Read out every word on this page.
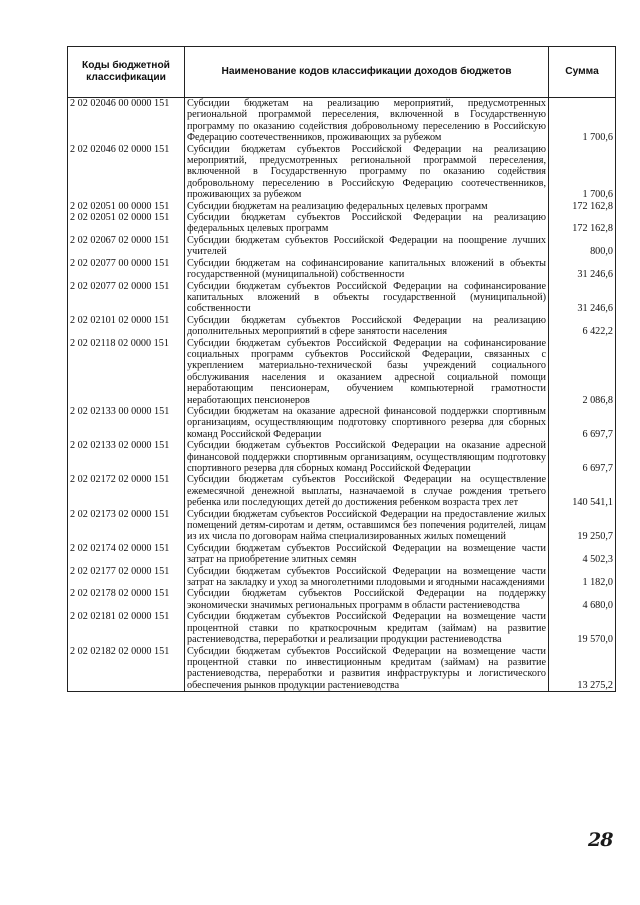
Коды бюджетной классификации	Наименование кодов классификации доходов бюджетов	Сумма
2 02 02046 00 0000 151	Субсидии бюджетам на реализацию мероприятий, предусмотренных региональной программой переселения, включенной в Государственную программу по оказанию содействия добровольному переселению в Российскую Федерацию соотечественников, проживающих за рубежом	1 700,6
2 02 02046 02 0000 151	Субсидии бюджетам субъектов Российской Федерации на реализацию мероприятий, предусмотренных региональной программой переселения, включенной в Государственную программу по оказанию содействия добровольному переселению в Российскую Федерацию соотечественников, проживающих за рубежом	1 700,6
2 02 02051 00 0000 151	Субсидии бюджетам на реализацию федеральных целевых программ	172 162,8
2 02 02051 02 0000 151	Субсидии бюджетам субъектов Российской Федерации на реализацию федеральных целевых программ	172 162,8
2 02 02067 02 0000 151	Субсидии бюджетам субъектов Российской Федерации на поощрение лучших учителей	800,0
2 02 02077 00 0000 151	Субсидии бюджетам на софинансирование капитальных вложений в объекты государственной (муниципальной) собственности	31 246,6
2 02 02077 02 0000 151	Субсидии бюджетам субъектов Российской Федерации на софинансирование капитальных вложений в объекты государственной (муниципальной) собственности	31 246,6
2 02 02101 02 0000 151	Субсидии бюджетам субъектов Российской Федерации на реализацию дополнительных мероприятий в сфере занятости населения	6 422,2
2 02 02118 02 0000 151	Субсидии бюджетам субъектов Российской Федерации на софинансирование социальных программ субъектов Российской Федерации, связанных с укреплением материально-технической базы учреждений социального обслуживания населения и оказанием адресной социальной помощи неработающим пенсионерам, обучением компьютерной грамотности неработающих пенсионеров	2 086,8
2 02 02133 00 0000 151	Субсидии бюджетам на оказание адресной финансовой поддержки спортивным организациям, осуществляющим подготовку спортивного резерва для сборных команд Российской Федерации	6 697,7
2 02 02133 02 0000 151	Субсидии бюджетам субъектов Российской Федерации на оказание адресной финансовой поддержки спортивным организациям, осуществляющим подготовку спортивного резерва для сборных команд Российской Федерации	6 697,7
2 02 02172 02 0000 151	Субсидии бюджетам субъектов Российской Федерации на осуществление ежемесячной денежной выплаты, назначаемой в случае рождения третьего ребенка или последующих детей до достижения ребенком возраста трех лет	140 541,1
2 02 02173 02 0000 151	Субсидии бюджетам субъектов Российской Федерации на предоставление жилых помещений детям-сиротам и детям, оставшимся без попечения родителей, лицам из их числа по договорам найма специализированных жилых помещений	19 250,7
2 02 02174 02 0000 151	Субсидии бюджетам субъектов Российской Федерации на возмещение части затрат на приобретение элитных семян	4 502,3
2 02 02177 02 0000 151	Субсидии бюджетам субъектов Российской Федерации на возмещение части затрат на закладку и уход за многолетними плодовыми и ягодными насаждениями	1 182,0
2 02 02178 02 0000 151	Субсидии бюджетам субъектов Российской Федерации на поддержку экономически значимых региональных программ в области растениеводства	4 680,0
2 02 02181 02 0000 151	Субсидии бюджетам субъектов Российской Федерации на возмещение части процентной ставки по краткосрочным кредитам (займам) на развитие растениеводства, переработки и реализации продукции растениеводства	19 570,0
2 02 02182 02 0000 151	Субсидии бюджетам субъектов Российской Федерации на возмещение части процентной ставки по инвестиционным кредитам (займам) на развитие растениеводства, переработки и развития инфраструктуры и логистического обеспечения рынков продукции растениеводства	13 275,2
28
